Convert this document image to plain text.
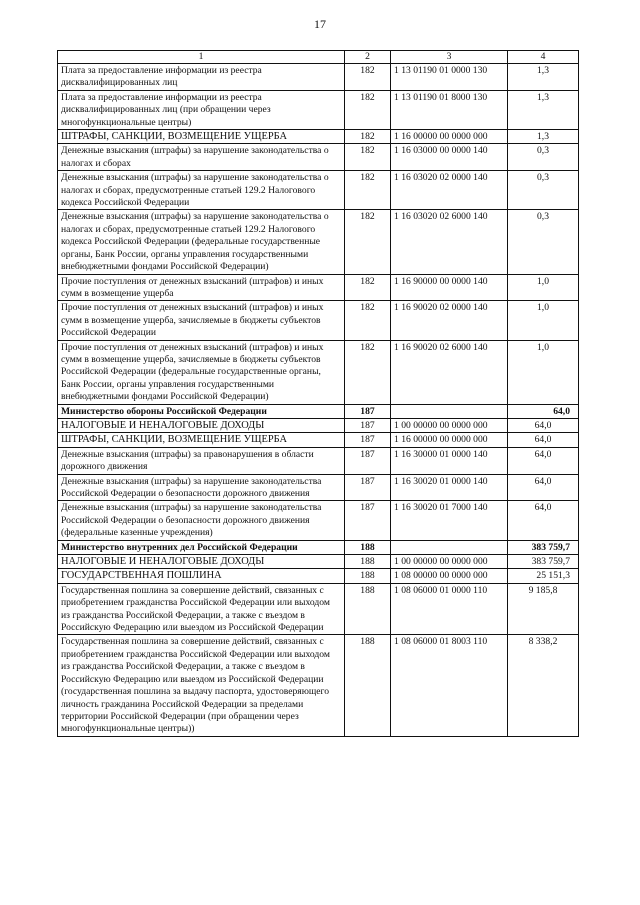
17
1	2	3	4
Плата за предоставление информации из реестра дисквалифицированных лиц	182	1 13 01190 01 0000 130	1,3
Плата за предоставление информации из реестра дисквалифицированных лиц (при обращении через многофункциональные центры)	182	1 13 01190 01 8000 130	1,3
ШТРАФЫ, САНКЦИИ, ВОЗМЕЩЕНИЕ УЩЕРБА	182	1 16 00000 00 0000 000	1,3
Денежные взыскания (штрафы) за нарушение законодательства о налогах и сборах	182	1 16 03000 00 0000 140	0,3
Денежные взыскания (штрафы) за нарушение законодательства о налогах и сборах, предусмотренные статьей 129.2 Налогового кодекса Российской Федерации	182	1 16 03020 02 0000 140	0,3
Денежные взыскания (штрафы) за нарушение законодательства о налогах и сборах, предусмотренные статьей 129.2 Налогового кодекса Российской Федерации (федеральные государственные органы, Банк России, органы управления государственными внебюджетными фондами Российской Федерации)	182	1 16 03020 02 6000 140	0,3
Прочие поступления от денежных взысканий (штрафов) и иных сумм в возмещение ущерба	182	1 16 90000 00 0000 140	1,0
Прочие поступления от денежных взысканий (штрафов) и иных сумм в возмещение ущерба, зачисляемые в бюджеты субъектов Российской Федерации	182	1 16 90020 02 0000 140	1,0
Прочие поступления от денежных взысканий (штрафов) и иных сумм в возмещение ущерба, зачисляемые в бюджеты субъектов Российской Федерации (федеральные государственные органы, Банк России, органы управления государственными внебюджетными фондами Российской Федерации)	182	1 16 90020 02 6000 140	1,0
Министерство обороны Российской Федерации	187		64,0
НАЛОГОВЫЕ И НЕНАЛОГОВЫЕ ДОХОДЫ	187	1 00 00000 00 0000 000	64,0
ШТРАФЫ, САНКЦИИ, ВОЗМЕЩЕНИЕ УЩЕРБА	187	1 16 00000 00 0000 000	64,0
Денежные взыскания (штрафы) за правонарушения в области дорожного движения	187	1 16 30000 01 0000 140	64,0
Денежные взыскания (штрафы) за нарушение законодательства Российской Федерации о безопасности дорожного движения	187	1 16 30020 01 0000 140	64,0
Денежные взыскания (штрафы) за нарушение законодательства Российской Федерации о безопасности дорожного движения (федеральные казенные учреждения)	187	1 16 30020 01 7000 140	64,0
Министерство внутренних дел Российской Федерации	188		383 759,7
НАЛОГОВЫЕ И НЕНАЛОГОВЫЕ ДОХОДЫ	188	1 00 00000 00 0000 000	383 759,7
ГОСУДАРСТВЕННАЯ ПОШЛИНА	188	1 08 00000 00 0000 000	25 151,3
Государственная пошлина за совершение действий, связанных с приобретением гражданства Российской Федерации или выходом из гражданства Российской Федерации, а также с въездом в Российскую Федерацию или выездом из Российской Федерации	188	1 08 06000 01 0000 110	9 185,8
Государственная пошлина за совершение действий, связанных с приобретением гражданства Российской Федерации или выходом из гражданства Российской Федерации, а также с въездом в Российскую Федерацию или выездом из Российской Федерации (государственная пошлина за выдачу паспорта, удостоверяющего личность гражданина Российской Федерации за пределами территории Российской Федерации (при обращении через многофункциональные центры))	188	1 08 06000 01 8003 110	8 338,2
